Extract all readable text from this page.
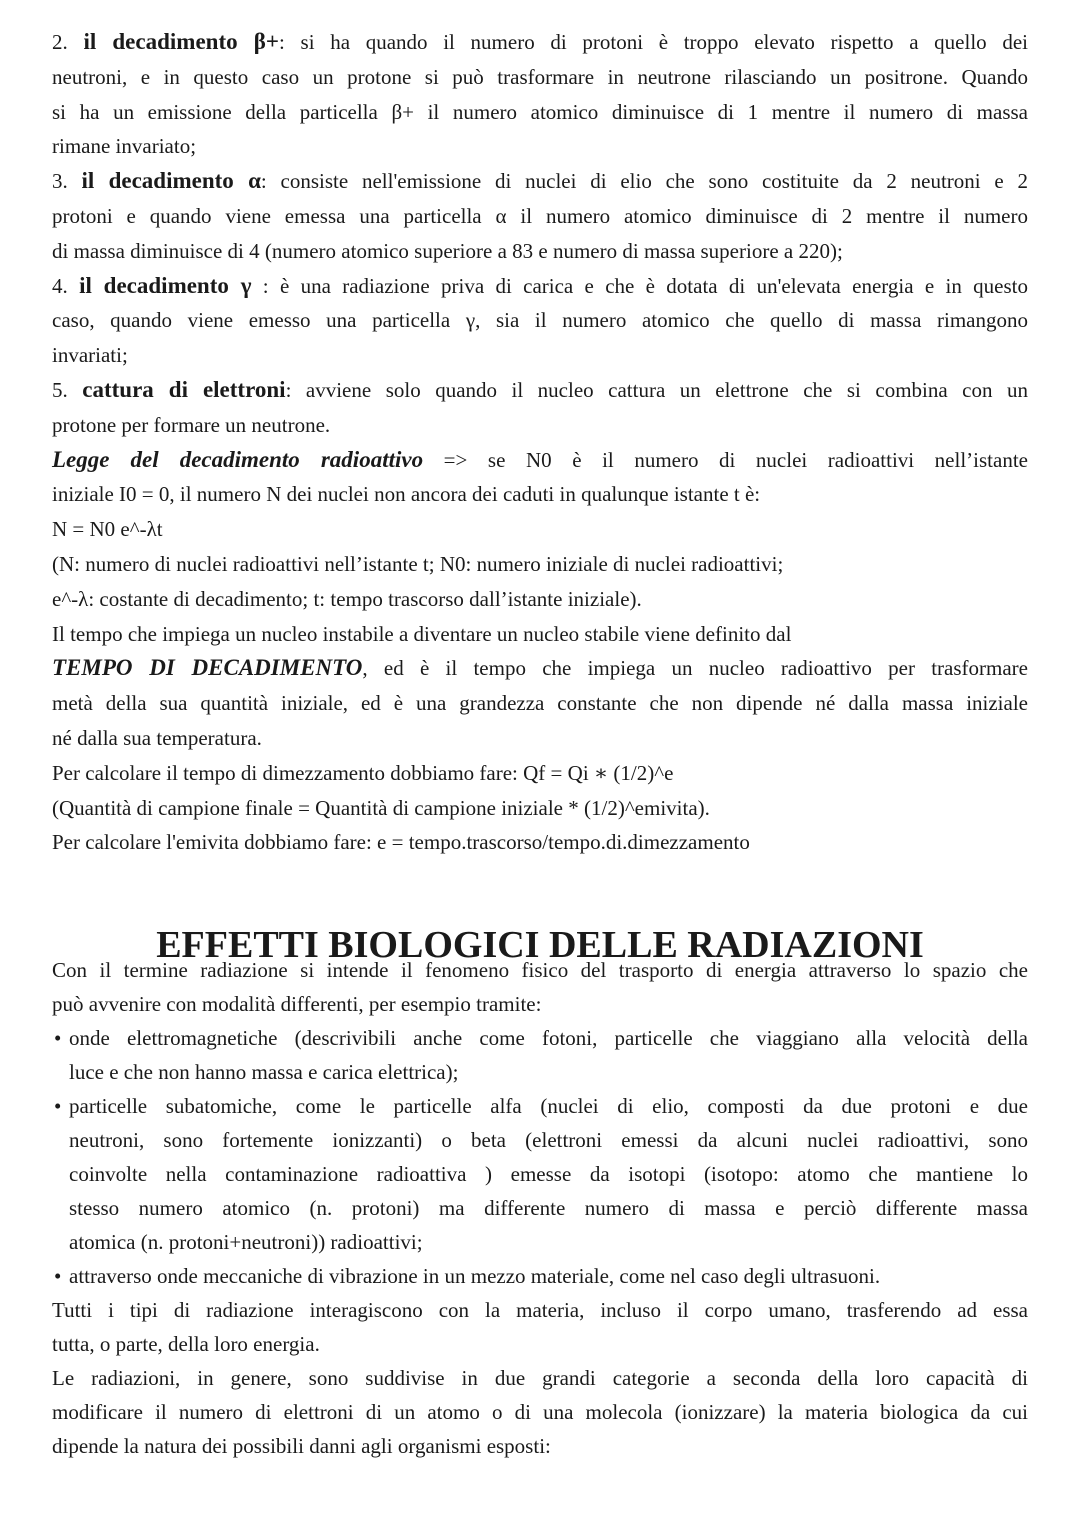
2. il decadimento β+: si ha quando il numero di protoni è troppo elevato rispetto a quello dei
neutroni, e in questo caso un protone si può trasformare in neutrone rilasciando un positrone. Quando
si ha un emissione della particella β+ il numero atomico diminuisce di 1 mentre il numero di massa
rimane invariato;
3. il decadimento α: consiste nell'emissione di nuclei di elio che sono costituite da 2 neutroni e 2
protoni e quando viene emessa una particella α il numero atomico diminuisce di 2 mentre il numero
di massa diminuisce di 4 (numero atomico superiore a 83 e numero di massa superiore a 220);
4. il decadimento γ : è una radiazione priva di carica e che è dotata di un'elevata energia e in questo
caso, quando viene emesso una particella γ, sia il numero atomico che quello di massa rimangono
invariati;
5. cattura di elettroni: avviene solo quando il nucleo cattura un elettrone che si combina con un
protone per formare un neutrone.
Legge del decadimento radioattivo => se N0 è il numero di nuclei radioattivi nell’istante
iniziale I0 = 0, il numero N dei nuclei non ancora dei caduti in qualunque istante t è:
N = N0 e^-λt
(N: numero di nuclei radioattivi nell’istante t; N0: numero iniziale di nuclei radioattivi;
e^-λ: costante di decadimento; t: tempo trascorso dall’istante iniziale).
Il tempo che impiega un nucleo instabile a diventare un nucleo stabile viene definito dal
TEMPO DI DECADIMENTO, ed è il tempo che impiega un nucleo radioattivo per trasformare
metà della sua quantità iniziale, ed è una grandezza constante che non dipende né dalla massa iniziale
né dalla sua temperatura.
Per calcolare il tempo di dimezzamento dobbiamo fare: Qf = Qi ∗ (1/2)^e
(Quantità di campione finale = Quantità di campione iniziale * (1/2)^emivita).
Per calcolare l'emivita dobbiamo fare: e = tempo.trascorso/tempo.di.dimezzamento
EFFETTI BIOLOGICI DELLE RADIAZIONI
Con il termine radiazione si intende il fenomeno fisico del trasporto di energia attraverso lo spazio che
può avvenire con modalità differenti, per esempio tramite:
• onde elettromagnetiche (descrivibili anche come fotoni, particelle che viaggiano alla velocità della
luce e che non hanno massa e carica elettrica);
• particelle subatomiche, come le particelle alfa (nuclei di elio, composti da due protoni e due
neutroni, sono fortemente ionizzanti) o beta (elettroni emessi da alcuni nuclei radioattivi, sono
coinvolte nella contaminazione radioattiva ) emesse da isotopi (isotopo: atomo che mantiene lo
stesso numero atomico (n. protoni) ma differente numero di massa e perciò differente massa
atomica (n. protoni+neutroni)) radioattivi;
• attraverso onde meccaniche di vibrazione in un mezzo materiale, come nel caso degli ultrasuoni.
Tutti i tipi di radiazione interagiscono con la materia, incluso il corpo umano, trasferendo ad essa
tutta, o parte, della loro energia.
Le radiazioni, in genere, sono suddivise in due grandi categorie a seconda della loro capacità di
modificare il numero di elettroni di un atomo o di una molecola (ionizzare) la materia biologica da cui
dipende la natura dei possibili danni agli organismi esposti:
